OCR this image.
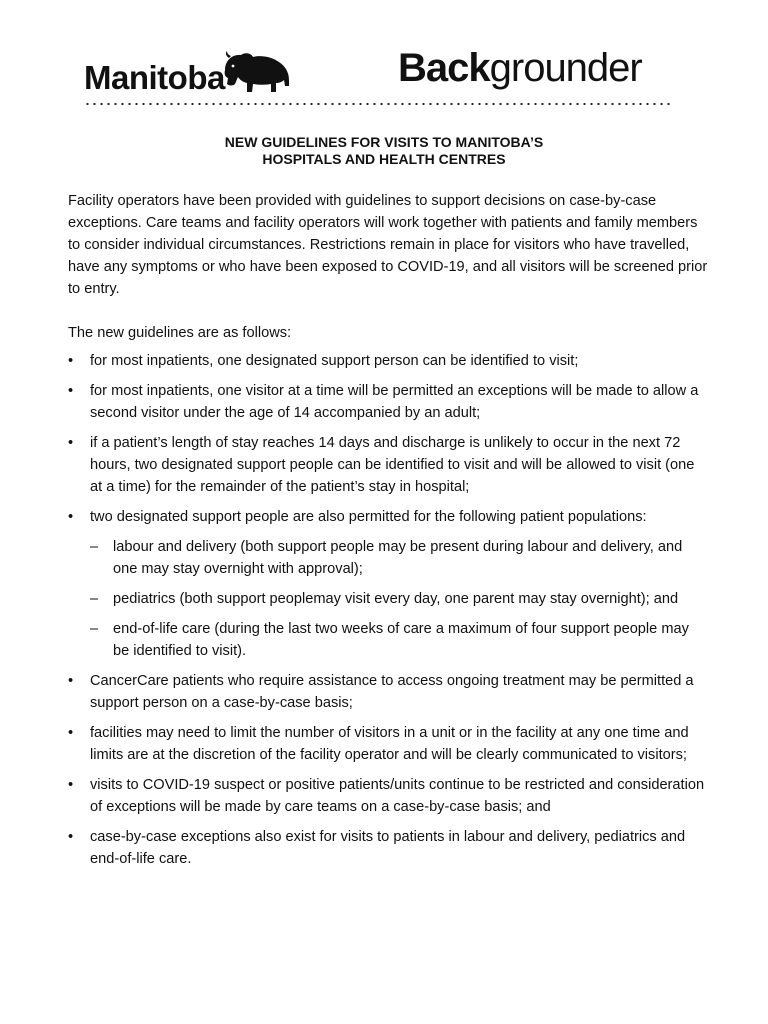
Manitoba	Backgrounder
NEW GUIDELINES FOR VISITS TO MANITOBA’S
HOSPITALS AND HEALTH CENTRES

Facility operators have been provided with guidelines to support decisions on case-by-case exceptions. Care teams and facility operators will work together with patients and family members to consider individual circumstances. Restrictions remain in place for visitors who have travelled, have any symptoms or who have been exposed to COVID-19, and all visitors will be screened prior to entry.

The new guidelines are as follows:

• for most inpatients, one designated support person can be identified to visit;
• for most inpatients, one visitor at a time will be permitted an exceptions will be made to allow a second visitor under the age of 14 accompanied by an adult;
• if a patient’s length of stay reaches 14 days and discharge is unlikely to occur in the next 72 hours, two designated support people can be identified to visit and will be allowed to visit (one at a time) for the remainder of the patient’s stay in hospital;
• two designated support people are also permitted for the following patient populations:
– labour and delivery (both support people may be present during labour and delivery, and one may stay overnight with approval);
– pediatrics (both support peoplemay visit every day, one parent may stay overnight); and
– end-of-life care (during the last two weeks of care a maximum of four support people may be identified to visit).
• CancerCare patients who require assistance to access ongoing treatment may be permitted a support person on a case-by-case basis;
• facilities may need to limit the number of visitors in a unit or in the facility at any one time and limits are at the discretion of the facility operator and will be clearly communicated to visitors;
• visits to COVID-19 suspect or positive patients/units continue to be restricted and consideration of exceptions will be made by care teams on a case-by-case basis; and
• case-by-case exceptions also exist for visits to patients in labour and delivery, pediatrics and end-of-life care.
